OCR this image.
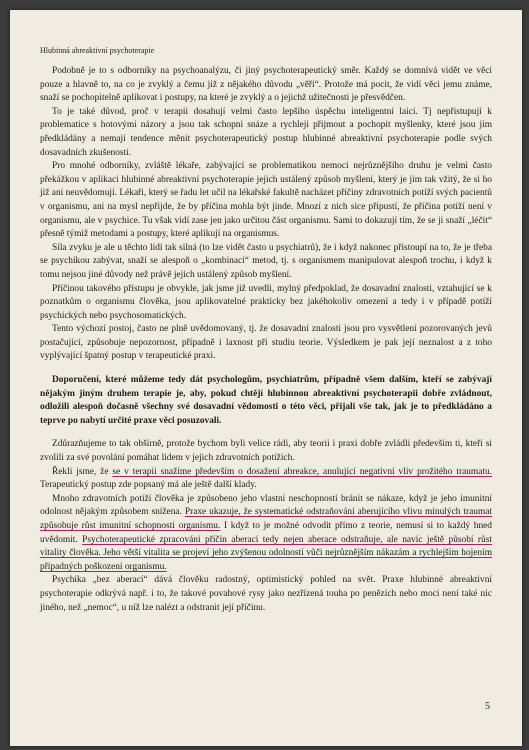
Hlubinná abreaktivní psychoterapie

Podobně je to s odborníky na psychoanalýzu, či jiný psychoterapeutický směr. Každý se domnívá vidět ve věci pouze a hlavně to, na co je zvyklý a čemu již z nějakého důvodu „věří“. Protože má pocit, že vidí věci jemu známe, snaží se pochopitelně aplikovat i postupy, na které je zvyklý a o jejichž užitečnosti je přesvědčen.

To je také důvod, proč v terapii dosahují velmi často lepšího úspěchu inteligentní laici. Tj nepřistupují k problematice s hotovými názory a jsou tak schopni snáze a rychleji přijmout a pochopit myšlenky, které jsou jim předkládány a nemají tendence měnit psychoterapeutický postup hlubinné abreaktivní psychoterapie podle svých dosavadních zkušeností.

Pro mnohé odborníky, zvláště lékaře, zabývající se problematikou nemocí nejrůznějšího druhu je velmi často překážkou v aplikaci hlubinné abreaktivní psychoterapie jejich ustálený způsob myšlení, který je jim tak vžitý, že si ho již ani neuvědomují. Lékaři, který se řadu let učil na lékařské fakultě nacházet příčiny zdravotních potíží svých pacientů v organismu, ani na mysl nepřijde, že by příčina mohla být jinde. Mnozí z nich sice připustí, že příčina potíží není v organismu, ale v psychice. Tu však vidí zase jen jako určitou část organismu. Sami to dokazují tím, že se ji snaží „léčit“ přesně týmiž metodami a postupy, které aplikují na organismus.

Síla zvyku je ale u těchto lidí tak silná (to lze vidět často u psychiatrů), že i když nakonec přistoupí na to, že je třeba se psychikou zabývat, snaží se alespoň o „kombinaci“ metod, tj. s organismem manipulovat alespoň trochu, i když k tomu nejsou jiné důvody než právě jejich ustálený způsob myšlení.

Příčinou takového přístupu je obvykle, jak jsme již uvedli, mylný předpoklad, že dosavadní znalosti, vztahující se k poznatkům o organismu člověka, jsou aplikovatelné prakticky bez jakéhokoliv omezení a tedy i v případě potíží psychických nebo psychosomatických.

Tento výchozí postoj, často ne plně uvědomovaný, tj. že dosavadní znalosti jsou pro vysvětlení pozorovaných jevů postačující, způsobuje nepozornost, případně i laxnost při studiu teorie. Výsledkem je pak její neznalost a z toho vyplývající špatný postup v terapeutické praxi.

Doporučení, které můžeme tedy dát psychologům, psychiatrům, případně všem dalším, kteří se zabývají nějakým jiným druhem terapie je, aby, pokud chtějí hlubinnou abreaktivní psychoterapii dobře zvládnout, odložili alespoň dočasně všechny své dosavadní vědomosti o této věci, přijali vše tak, jak je to předkládáno a teprve po nabytí určité praxe věci posuzovali.

Zdůrazňujeme to tak obšírně, protože bychom byli velice rádi, aby teorii i praxi dobře zvládli především ti, kteří si zvolili za své povolání pomáhat lidem v jejich zdravotních potížích.

Řekli jsme, že se v terapii snažíme především o dosažení abreakce, anulující negativní vliv prožitého traumatu. Terapeutický postup zde popsaný má ale ještě další klady.

Mnoho zdravotních potíží člověka je způsobeno jeho vlastní neschopností bránit se nákaze, když je jeho imunitní odolnost nějakým způsobem snížena. Praxe ukazuje, že systematické odstraňování aberujícího vlivu minulých traumat způsobuje růst imunitní schopnosti organismu. I když to je možné odvodit přímo z teorie, nemusí si to každý hned uvědomit. Psychoterapeutické zpracování příčin aberací tedy nejen aberace odstraňuje, ale navíc ještě působí růst vitality člověka. Jeho větší vitalita se projeví jeho zvýšenou odolností vůči nejrůznějším nákazám a rychlejším hojením případných poškození organismu.

Psychika „bez aberací“ dává člověku radostný, optimistický pohled na svět. Praxe hlubinné abreaktivní psychoterapie odkrývá např. i to, že takové povahové rysy jako nezřízená touha po penězích nebo moci není také nic jiného, než „nemoc“, u níž lze nalézt a odstranit její příčinu.

5
